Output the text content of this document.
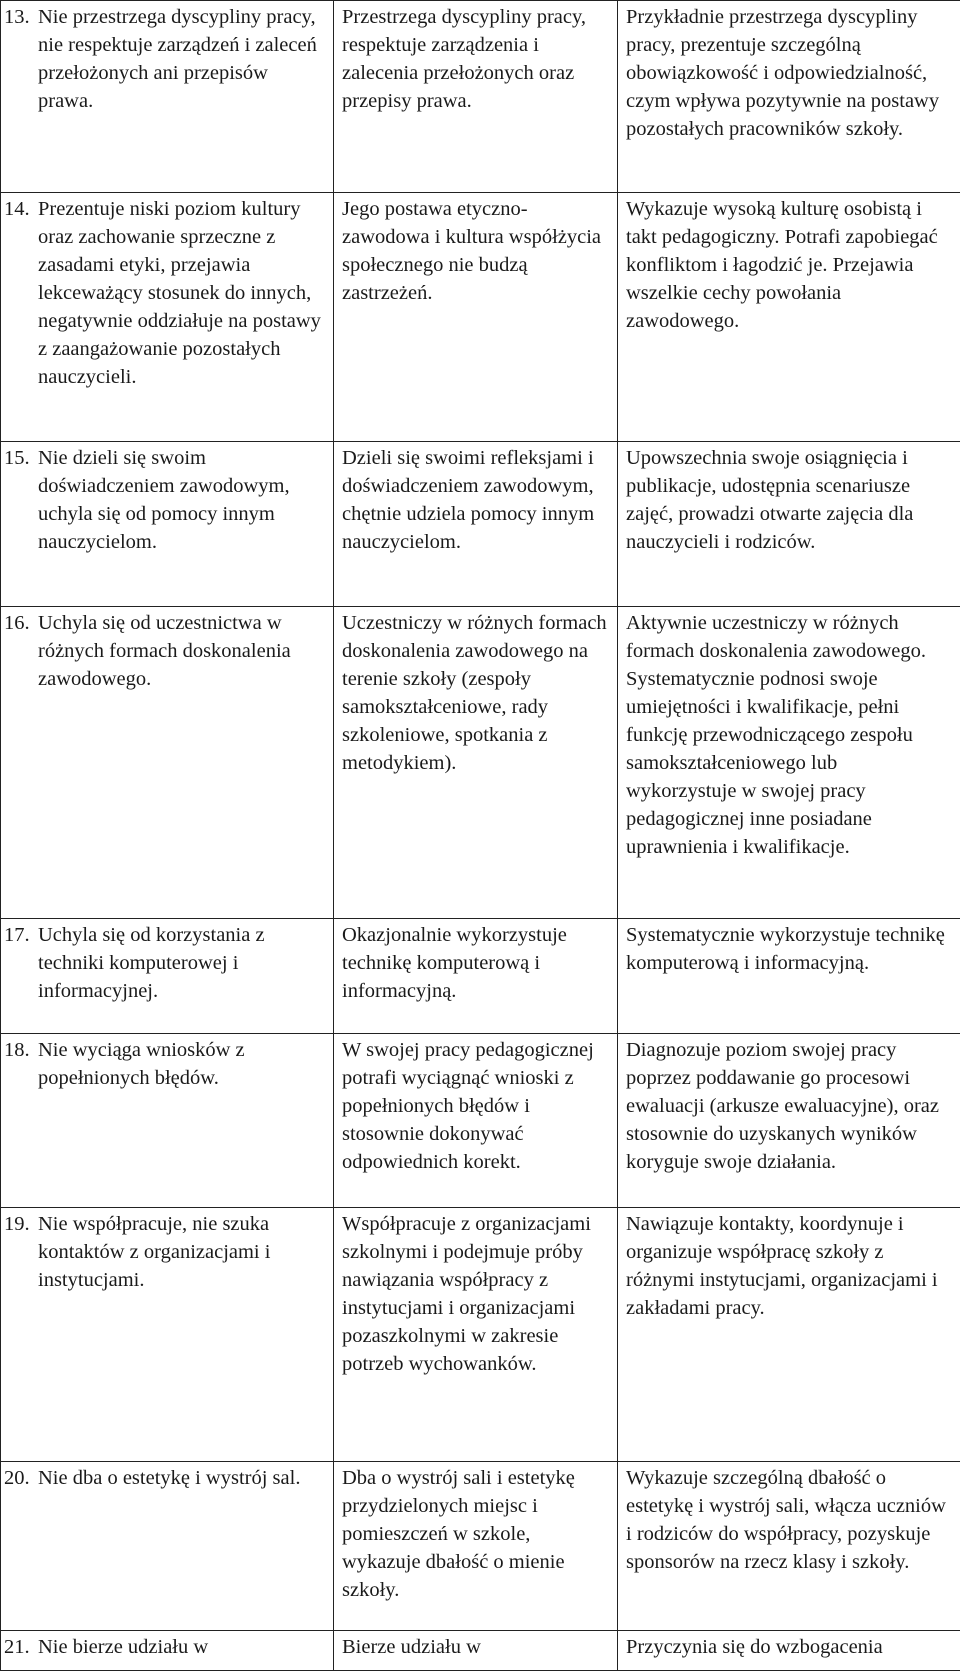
13. Nie przestrzega dyscypliny pracy, nie respektuje zarządzeń i zaleceń przełożonych ani przepisów prawa.	Przestrzega dyscypliny pracy, respektuje zarządzenia i zalecenia przełożonych oraz przepisy prawa.	Przykładnie przestrzega dyscypliny pracy, prezentuje szczególną obowiązkowość i odpowiedzialność, czym wpływa pozytywnie na postawy pozostałych pracowników szkoły.

14. Prezentuje niski poziom kultury oraz zachowanie sprzeczne z zasadami etyki, przejawia lekceważący stosunek do innych, negatywnie oddziałuje na postawy z zaangażowanie pozostałych nauczycieli.	Jego postawa etyczno-zawodowa i kultura współżycia społecznego nie budzą zastrzeżeń.	Wykazuje wysoką kulturę osobistą i takt pedagogiczny. Potrafi zapobiegać konfliktom i łagodzić je. Przejawia wszelkie cechy powołania zawodowego.

15. Nie dzieli się swoim doświadczeniem zawodowym, uchyla się od pomocy innym nauczycielom.	Dzieli się swoimi refleksjami i doświadczeniem zawodowym, chętnie udziela pomocy innym nauczycielom.	Upowszechnia swoje osiągnięcia i publikacje, udostępnia scenariusze zajęć, prowadzi otwarte zajęcia dla nauczycieli i rodziców.

16. Uchyla się od uczestnictwa w różnych formach doskonalenia zawodowego.	Uczestniczy w różnych formach doskonalenia zawodowego na terenie szkoły (zespoły samokształceniowe, rady szkoleniowe, spotkania z metodykiem).	Aktywnie uczestniczy w różnych formach doskonalenia zawodowego. Systematycznie podnosi swoje umiejętności i kwalifikacje, pełni funkcję przewodniczącego zespołu samokształceniowego lub wykorzystuje w swojej pracy pedagogicznej inne posiadane uprawnienia i kwalifikacje.

17. Uchyla się od korzystania z techniki komputerowej i informacyjnej.	Okazjonalnie wykorzystuje technikę komputerową i informacyjną.	Systematycznie wykorzystuje technikę komputerową i informacyjną.

18. Nie wyciąga wniosków z popełnionych błędów.	W swojej pracy pedagogicznej potrafi wyciągnąć wnioski z popełnionych błędów i stosownie dokonywać odpowiednich korekt.	Diagnozuje poziom swojej pracy poprzez poddawanie go procesowi ewaluacji (arkusze ewaluacyjne), oraz stosownie do uzyskanych wyników koryguje swoje działania.

19. Nie współpracuje, nie szuka kontaktów z organizacjami i instytucjami.	Współpracuje z organizacjami szkolnymi i podejmuje próby nawiązania współpracy z instytucjami i organizacjami pozaszkolnymi w zakresie potrzeb wychowanków.	Nawiązuje kontakty, koordynuje i organizuje współpracę szkoły z różnymi instytucjami, organizacjami i zakładami pracy.

20. Nie dba o estetykę i wystrój sal.	Dba o wystrój sali i estetykę przydzielonych miejsc i pomieszczeń w szkole, wykazuje dbałość o mienie szkoły.	Wykazuje szczególną dbałość o estetykę i wystrój sali, włącza uczniów i rodziców do współpracy, pozyskuje sponsorów na rzecz klasy i szkoły.

21. Nie bierze udziału w	Bierze udziału w	Przyczynia się do wzbogacenia
